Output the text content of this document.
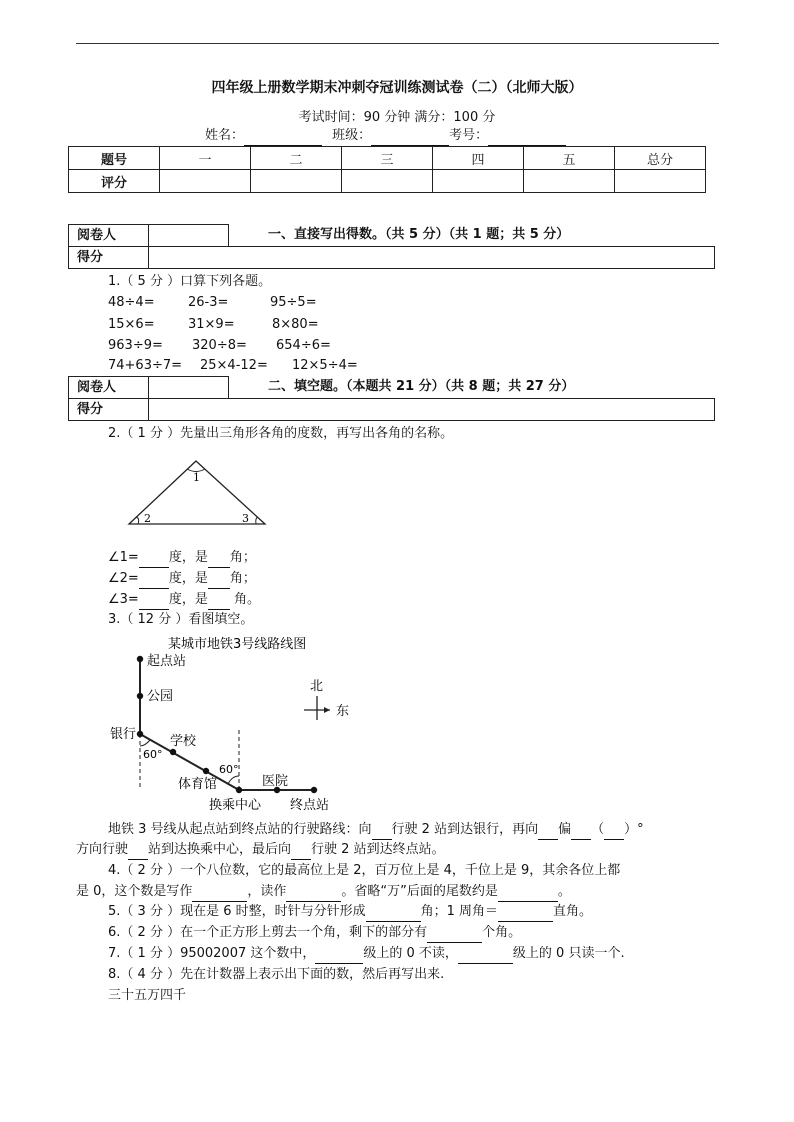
四年级上册数学期末冲刺夺冠训练测试卷（二）（北师大版）
考试时间：90 分钟 满分：100 分
姓名：	班级：	考号：
题号	一	二	三	四	五	总分
评分						
阅卷人
得分
一、直接写出得数。（共 5 分）（共 1 题；共 5 分）
1.（ 5 分 ）口算下列各题。
48÷4=	26-3=	95÷5=
15×6=	31×9=	8×80=
963÷9= 320÷8= 654÷6=
74+63÷7= 25×4-12= 12×5÷4=
阅卷人
得分
二、填空题。（本题共 21 分）（共 8 题；共 27 分）
2.（ 1 分 ）先量出三角形各角的度数，再写出各角的名称。
1
2	3
∠1= 度，是 角；
∠2= 度，是 角；
∠3= 度，是 角。
3.（ 12 分 ）看图填空。
某城市地铁3号线路线图
起点站
公园
银行	学校
体育馆
换乘中心
医院
终点站
60°
60°
北
东
地铁 3 号线从起点站到终点站的行驶路线：向 行驶 2 站到达银行，再向 偏 （ ）°
方向行驶 站到达换乘中心，最后向 行驶 2 站到达终点站。
4.（ 2 分 ）一个八位数，它的最高位上是 2，百万位上是 4，千位上是 9，其余各位上都
是 0，这个数是写作	，读作	。省略“万”后面的尾数约是	。
5.（ 3 分 ）现在是 6 时整，时针与分针形成	角；1 周角＝	直角。
6.（ 2 分 ）在一个正方形上剪去一个角，剩下的部分有	个角。
7.（ 1 分 ）95002007 这个数中，	级上的 0 不读，	级上的 0 只读一个.
8.（ 4 分 ）先在计数器上表示出下面的数，然后再写出来.
三十五万四千
